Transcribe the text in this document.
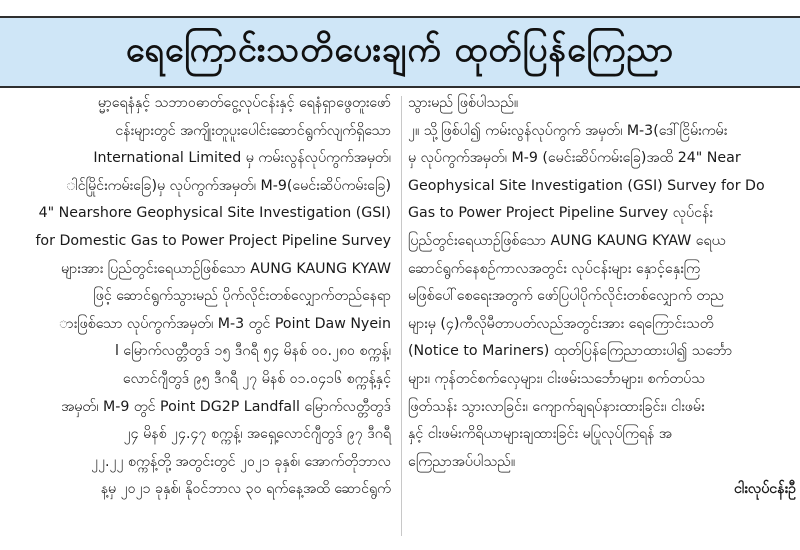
ရေကြောင်းသတိပေးချက် ထုတ်ပြန်ကြေညာ
မ္မာ့ရေနံနှင့် သဘာဝဓာတ်ငွေ့လုပ်ငန်းနှင့် ရေနံရှာဖွေတူးဖော်
ငန်းများတွင် အကျိုးတူပူးပေါင်းဆောင်ရွက်လျက်ရှိသော
International Limited မှ ကမ်းလွန်လုပ်ကွက်အမှတ်၊
ါင်မြိုင်းကမ်းခြေ)မှ လုပ်ကွက်အမှတ်၊ M-9(မေင်းဆိပ်ကမ်းခြေ)
4" Nearshore Geophysical Site Investigation (GSI)
for Domestic Gas to Power Project Pipeline Survey
များအား ပြည်တွင်းရေယာဉ်ဖြစ်သော AUNG KAUNG KYAW
ဖြင့် ဆောင်ရွက်သွားမည် ပိုက်လိုင်းတစ်လျှောက်တည်နေရာ
ားဖြစ်သော လုပ်ကွက်အမှတ်၊ M-3 တွင် Point Daw Nyein
l မြောက်လတ္တီတွဒ် ၁၅ ဒီဂရီ ၅၄ မိနစ် ၀၀.၂၈၀ စက္ကန့်၊
လောင်ဂျီတွဒ် ၉၅ ဒီဂရီ ၂၇ မိနစ် ၀၁.၀၄၁၆ စက္ကန့်နှင့်
အမှတ်၊ M-9 တွင် Point DG2P Landfall မြောက်လတ္တီတွဒ်
၂၄ မိနစ် ၂၄.၄၇ စက္ကန့်၊ အရှေ့လောင်ဂျီတွဒ် ၉၇ ဒီဂရီ
၂၂.၂၂ စက္ကန့်တို့ အတွင်းတွင် ၂၀၂၁ ခုနှစ်၊ အောက်တိုဘာလ
န့မှ ၂၀၂၁ ခုနှစ်၊ နိုဝင်ဘာလ ၃၀ ရက်နေ့အထိ ဆောင်ရွက်
သွားမည် ဖြစ်ပါသည်။
၂။ သို့ဖြစ်ပါ၍ ကမ်းလွန်လုပ်ကွက် အမှတ်၊ M-3(ဒေါ်ငြိမ်းကမ်း
မှ လုပ်ကွက်အမှတ်၊ M-9 (မေင်းဆိပ်ကမ်းခြေ)အထိ 24" Near
Geophysical Site Investigation (GSI) Survey for Do
Gas to Power Project Pipeline Survey လုပ်ငန်း
ပြည်တွင်းရေယာဉ်ဖြစ်သော AUNG KAUNG KYAW ရေယ
ဆောင်ရွက်နေစဉ်ကာလအတွင်း လုပ်ငန်းများ နှောင့်နှေးကြ
မဖြစ်ပေါ်စေရေးအတွက် ဖော်ပြပါပိုက်လိုင်းတစ်လျှောက် တည
များမှ (၄)ကီလိုမီတာပတ်လည်အတွင်းအား ရေကြောင်းသတိ
(Notice to Mariners) ထုတ်ပြန်ကြေညာထားပါ၍ သင်္ဘော
များ၊ ကုန်တင်စက်လှေများ၊ ငါးဖမ်းသင်္ဘောများ၊ စက်တပ်သ
ဖြတ်သန်း သွားလာခြင်း၊ ကျောက်ချရပ်နားထားခြင်း၊ ငါးဖမ်း
နှင့် ငါးဖမ်းကိရိယာများချထားခြင်း မပြုလုပ်ကြရန် အ
ကြေညာအပ်ပါသည်။
ငါးလုပ်ငန်းဦ
